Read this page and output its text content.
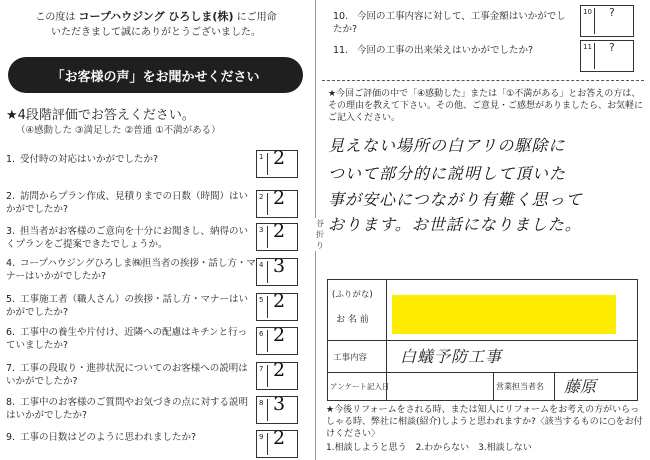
この度は コープハウジング ひろしま(株) にご用命
いただきまして誠にありがとうございました。
「お客様の声」をお聞かせください
★4段階評価でお答えください。
（④感動した ③満足した ②普通 ①不満がある）
1. 受付時の対応はいかがでしたか?	1 2
2. 訪問からプラン作成、見積りまでの日数（時間）はいかがでしたか?
2 2
3. 担当者がお客様のご意向を十分にお聞きし、納得のいくプランをご提案できたでしょうか。
3 2
4. コープハウジングひろしま㈱担当者の挨拶・話し方・マナーはいかがでしたか?
4 3
5. 工事施工者（職人さん）の挨拶・話し方・マナーはいかがでしたか?
5 2
6. 工事中の養生や片付け、近隣への配慮はキチンと行っていましたか?
6 2
7. 工事の段取り・進捗状況についてのお客様への説明はいかがでしたか?
7 2
8. 工事中のお客様のご質問やお気づきの点に対する説明はいかがでしたか?
8 3
9. 工事の日数はどのように思われましたか?	9 2
谷折り
10. 今回の工事内容に対して、工事金額はいかがでしたか?
10 ?
11. 今回の工事の出来栄えはいかがでしたか?	11 ?
★今回ご評価の中で「④感動した」または「①不満がある」とお答えの方は、その理由を教えて下さい。その他、ご意見・ご感想がありましたら、お気軽にご記入ください。
見えない場所の白アリの駆除に
ついて部分的に説明して頂いた
事が安心につながり有難く思って
おります。お世話になりました。
(ふりがな)
お 名 前
工事内容 白蟻予防工事
アンケート記入日	営業担当者名 藤原
★今後リフォームをされる時、または知人にリフォームをお考えの方がいらっしゃる時、弊社に相談(紹介)しようと思われますか?〈該当するものに○をお付けください〉
1.相談しようと思う　2.わからない　3.相談しない
